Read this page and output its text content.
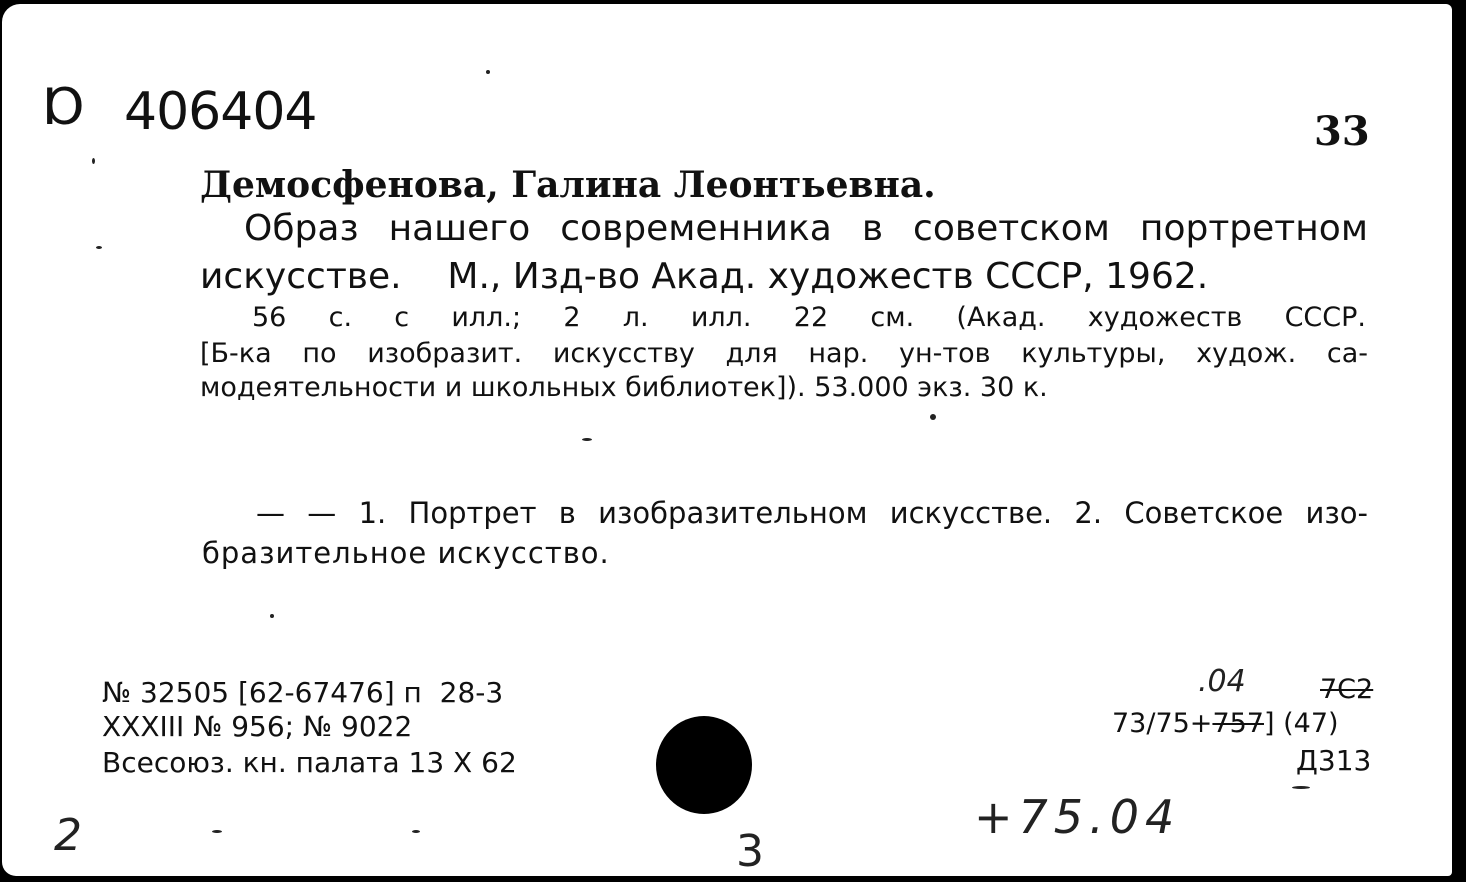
Ɒ 406404	33
Демосфенова, Галина Леонтьевна.
Образ нашего современника в советском портретном
искусстве.    М., Изд-во Акад. художеств СССР, 1962.
56 с. с илл.; 2 л. илл. 22 см. (Акад. художеств СССР.
[Б-ка по изобразит. искусству для нар. ун-тов культуры, худож. са-
модеятельности и школьных библиотек]). 53.000 экз. 30 к.
— — 1. Портрет в изобразительном искусстве. 2. Советское изо-
бразительное искусство.
№ 32505 [62-67476] п  28-3
XXXIII № 956; № 9022
Всесоюз. кн. палата 13 X 62
.04	7С2
73/75+757] (47)
Д313
2	3
+75.04
